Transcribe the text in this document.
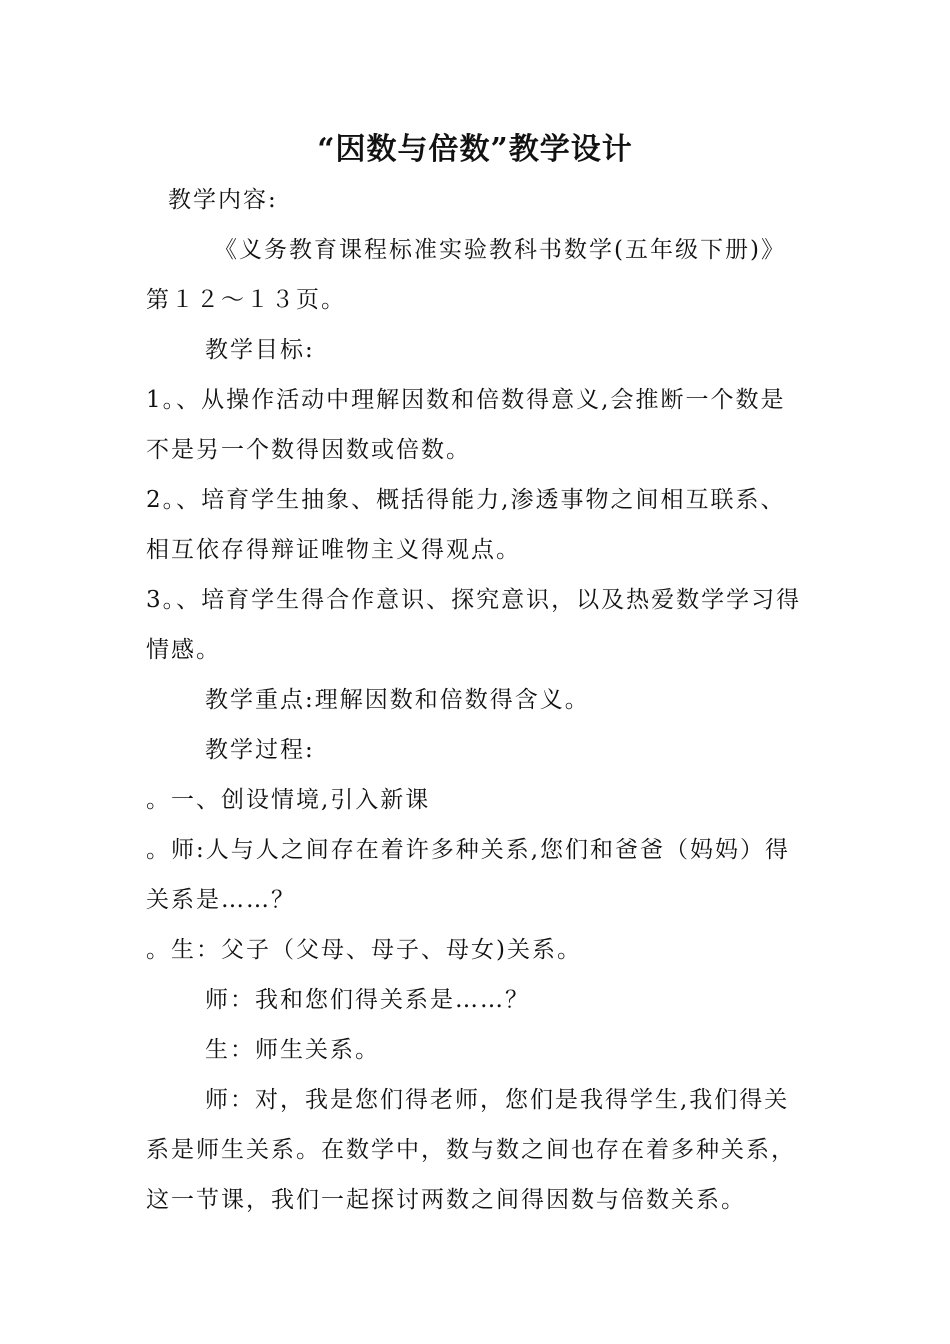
“因数与倍数”教学设计
教学内容:
《义务教育课程标准实验教科书数学(五年级下册)》
第１２～１３页。
教学目标:
1。、从操作活动中理解因数和倍数得意义,会推断一个数是
不是另一个数得因数或倍数。
2。、培育学生抽象、概括得能力,渗透事物之间相互联系、
相互依存得辩证唯物主义得观点。
3。、培育学生得合作意识、探究意识，以及热爱数学学习得
情感。
教学重点:理解因数和倍数得含义。
教学过程:
。一、创设情境,引入新课
。师:人与人之间存在着许多种关系,您们和爸爸（妈妈）得
关系是……？
。生：父子（父母、母子、母女)关系。
师：我和您们得关系是……？
生：师生关系。
师：对，我是您们得老师，您们是我得学生,我们得关
系是师生关系。在数学中，数与数之间也存在着多种关系，
这一节课，我们一起探讨两数之间得因数与倍数关系。
